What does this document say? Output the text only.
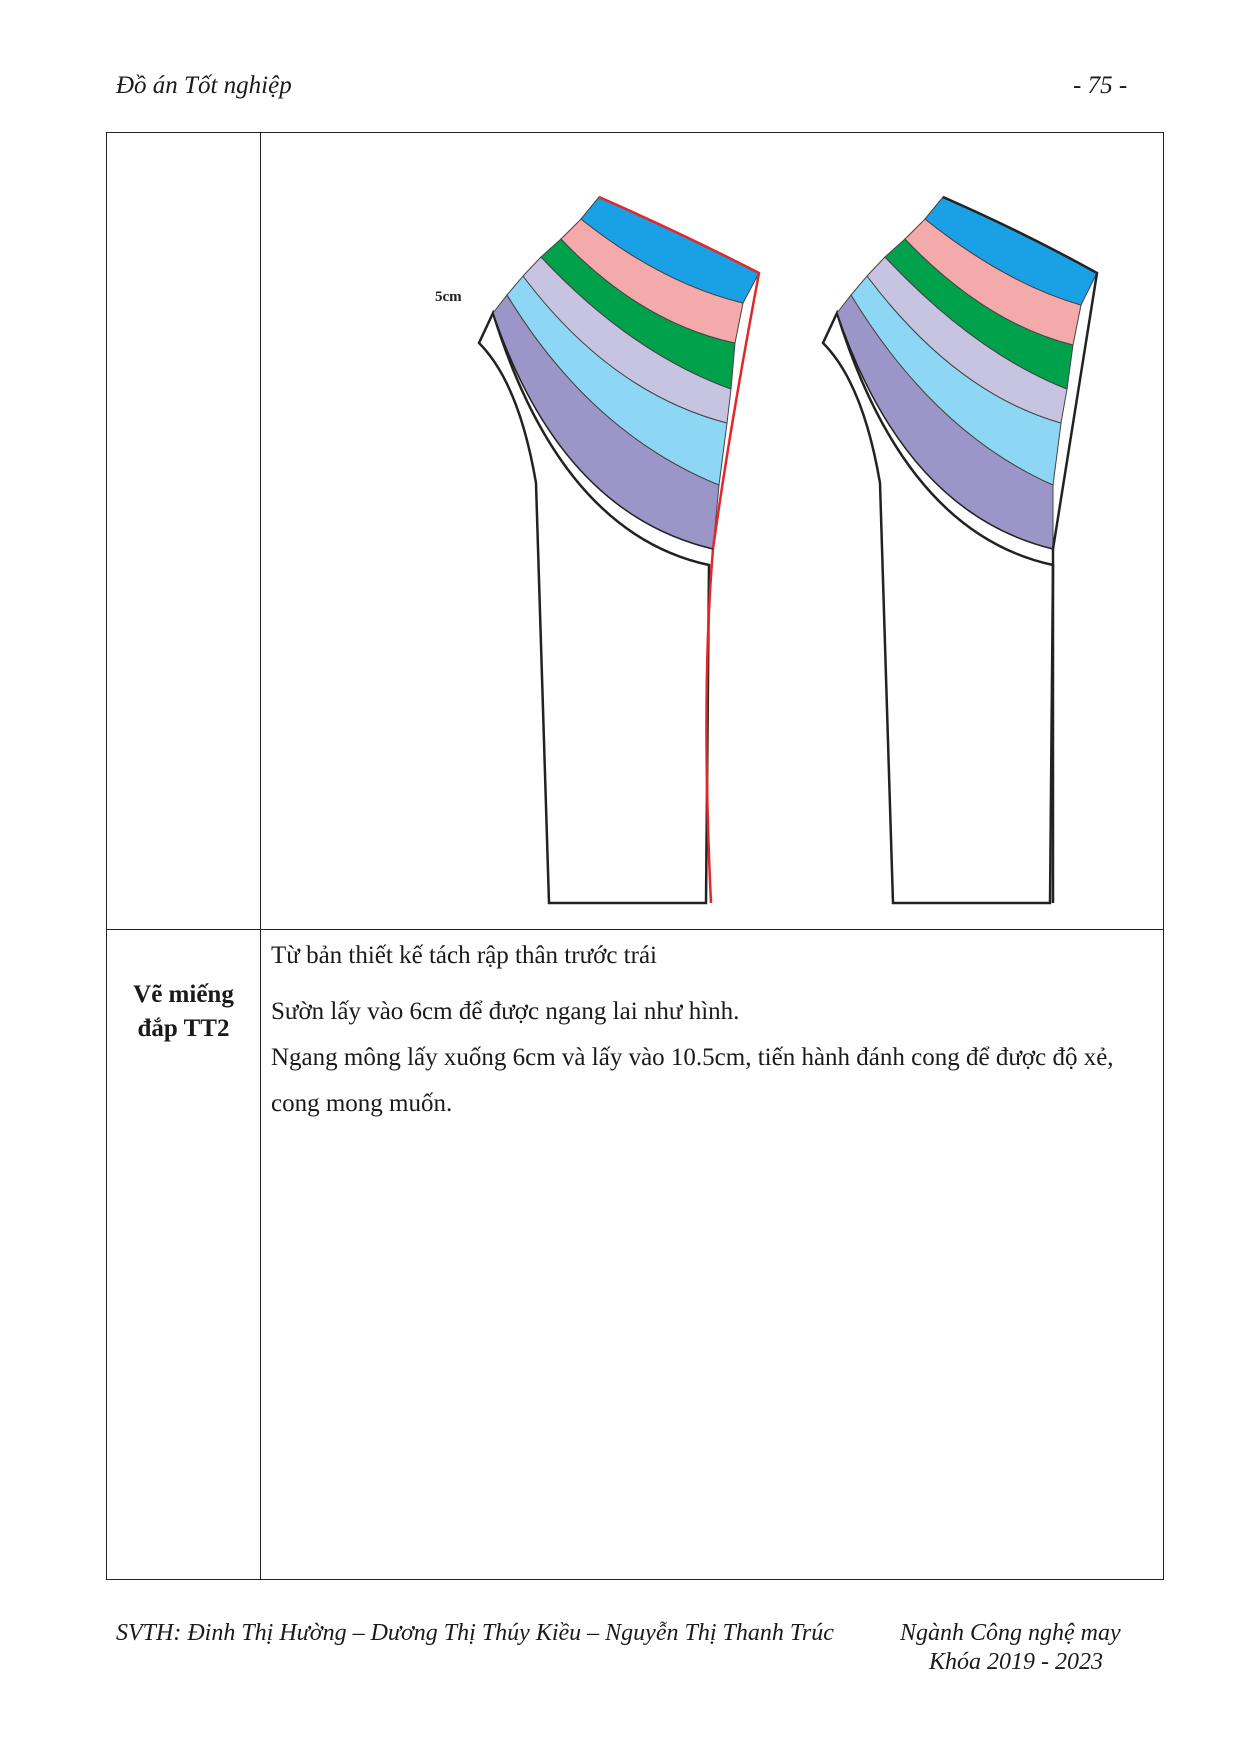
Đồ án Tốt nghiệp	- 75 -
5cm
Vẽ miếng
đắp TT2

Từ bản thiết kế tách rập thân trước trái

Sườn lấy vào 6cm để được ngang lai như hình.

Ngang mông lấy xuống 6cm và lấy vào 10.5cm, tiến hành đánh cong để được độ xẻ, cong mong muốn.

SVTH: Đinh Thị Hường – Dương Thị Thúy Kiều – Nguyễn Thị Thanh Trúc	Ngành Công nghệ may
Khóa 2019 - 2023
